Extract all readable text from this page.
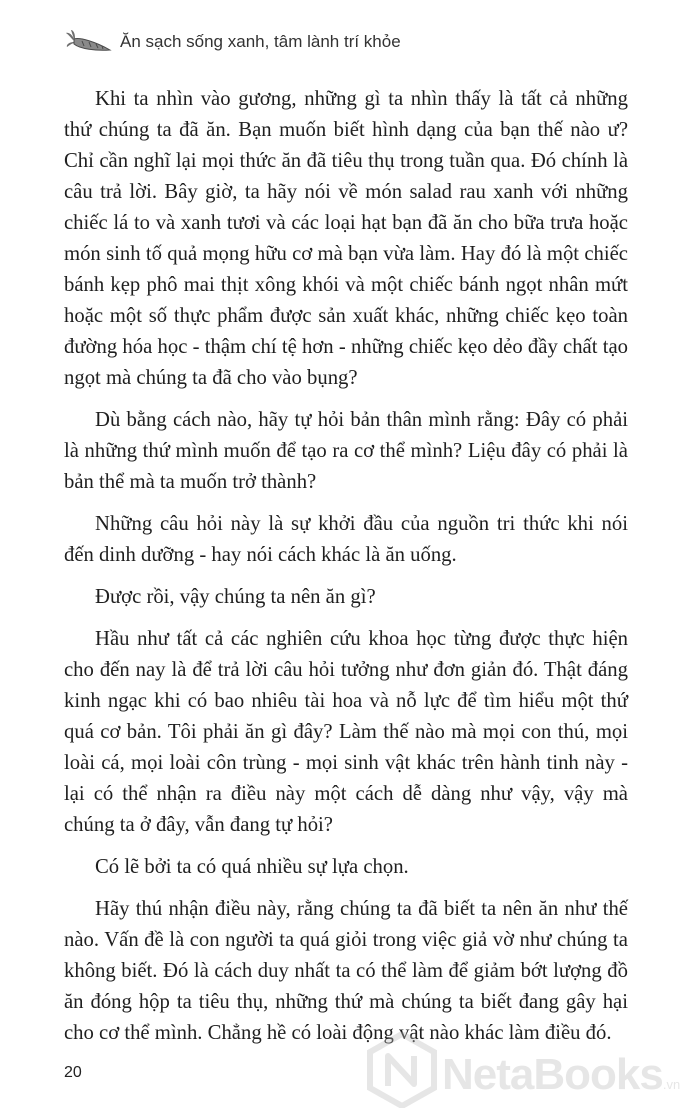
Ăn sạch sống xanh, tâm lành trí khỏe

Khi ta nhìn vào gương, những gì ta nhìn thấy là tất cả những thứ chúng ta đã ăn. Bạn muốn biết hình dạng của bạn thế nào ư? Chỉ cần nghĩ lại mọi thức ăn đã tiêu thụ trong tuần qua. Đó chính là câu trả lời. Bây giờ, ta hãy nói về món salad rau xanh với những chiếc lá to và xanh tươi và các loại hạt bạn đã ăn cho bữa trưa hoặc món sinh tố quả mọng hữu cơ mà bạn vừa làm. Hay đó là một chiếc bánh kẹp phô mai thịt xông khói và một chiếc bánh ngọt nhân mứt hoặc một số thực phẩm được sản xuất khác, những chiếc kẹo toàn đường hóa học - thậm chí tệ hơn - những chiếc kẹo dẻo đầy chất tạo ngọt mà chúng ta đã cho vào bụng?

Dù bằng cách nào, hãy tự hỏi bản thân mình rằng: Đây có phải là những thứ mình muốn để tạo ra cơ thể mình? Liệu đây có phải là bản thể mà ta muốn trở thành?

Những câu hỏi này là sự khởi đầu của nguồn tri thức khi nói đến dinh dưỡng - hay nói cách khác là ăn uống.

Được rồi, vậy chúng ta nên ăn gì?

Hầu như tất cả các nghiên cứu khoa học từng được thực hiện cho đến nay là để trả lời câu hỏi tưởng như đơn giản đó. Thật đáng kinh ngạc khi có bao nhiêu tài hoa và nỗ lực để tìm hiểu một thứ quá cơ bản. Tôi phải ăn gì đây? Làm thế nào mà mọi con thú, mọi loài cá, mọi loài côn trùng - mọi sinh vật khác trên hành tinh này - lại có thể nhận ra điều này một cách dễ dàng như vậy, vậy mà chúng ta ở đây, vẫn đang tự hỏi?

Có lẽ bởi ta có quá nhiều sự lựa chọn.

Hãy thú nhận điều này, rằng chúng ta đã biết ta nên ăn như thế nào. Vấn đề là con người ta quá giỏi trong việc giả vờ như chúng ta không biết. Đó là cách duy nhất ta có thể làm để giảm bớt lượng đồ ăn đóng hộp ta tiêu thụ, những thứ mà chúng ta biết đang gây hại cho cơ thể mình. Chẳng hề có loài động vật nào khác làm điều đó.

20	NetaBooks.vn
